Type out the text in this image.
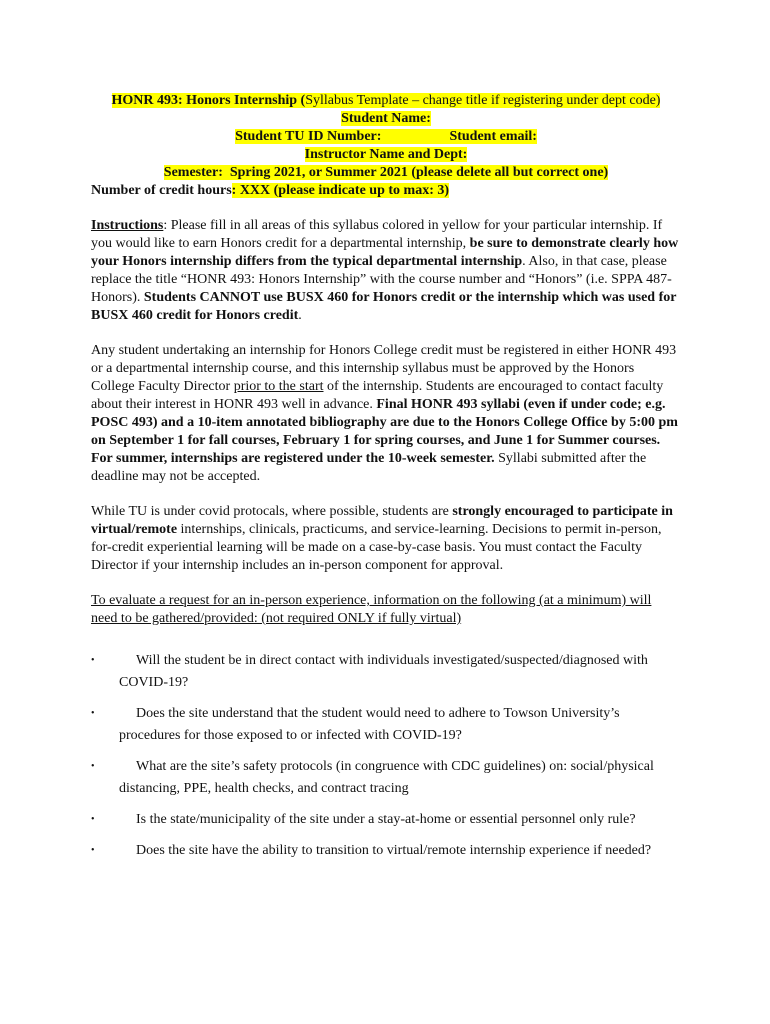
HONR 493: Honors Internship (Syllabus Template – change title if registering under dept code)
Student Name:
Student TU ID Number:	Student email:
Instructor Name and Dept:
Semester: Spring 2021, or Summer 2021 (please delete all but correct one)
Number of credit hours: XXX (please indicate up to max: 3)

Instructions: Please fill in all areas of this syllabus colored in yellow for your particular internship. If you would like to earn Honors credit for a departmental internship, be sure to demonstrate clearly how your Honors internship differs from the typical departmental internship. Also, in that case, please replace the title “HONR 493: Honors Internship” with the course number and “Honors” (i.e. SPPA 487-Honors). Students CANNOT use BUSX 460 for Honors credit or the internship which was used for BUSX 460 credit for Honors credit.

Any student undertaking an internship for Honors College credit must be registered in either HONR 493 or a departmental internship course, and this internship syllabus must be approved by the Honors College Faculty Director prior to the start of the internship. Students are encouraged to contact faculty about their interest in HONR 493 well in advance. Final HONR 493 syllabi (even if under code; e.g. POSC 493) and a 10-item annotated bibliography are due to the Honors College Office by 5:00 pm on September 1 for fall courses, February 1 for spring courses, and June 1 for Summer courses. For summer, internships are registered under the 10-week semester. Syllabi submitted after the deadline may not be accepted.

While TU is under covid protocals, where possible, students are strongly encouraged to participate in virtual/remote internships, clinicals, practicums, and service-learning. Decisions to permit in-person, for-credit experiential learning will be made on a case-by-case basis. You must contact the Faculty Director if your internship includes an in-person component for approval.

To evaluate a request for an in-person experience, information on the following (at a minimum) will need to be gathered/provided: (not required ONLY if fully virtual)

•	Will the student be in direct contact with individuals investigated/suspected/diagnosed with COVID-19?
•	Does the site understand that the student would need to adhere to Towson University’s procedures for those exposed to or infected with COVID-19?
•	What are the site’s safety protocols (in congruence with CDC guidelines) on: social/physical distancing, PPE, health checks, and contract tracing
•	Is the state/municipality of the site under a stay-at-home or essential personnel only rule?
•	Does the site have the ability to transition to virtual/remote internship experience if needed?
